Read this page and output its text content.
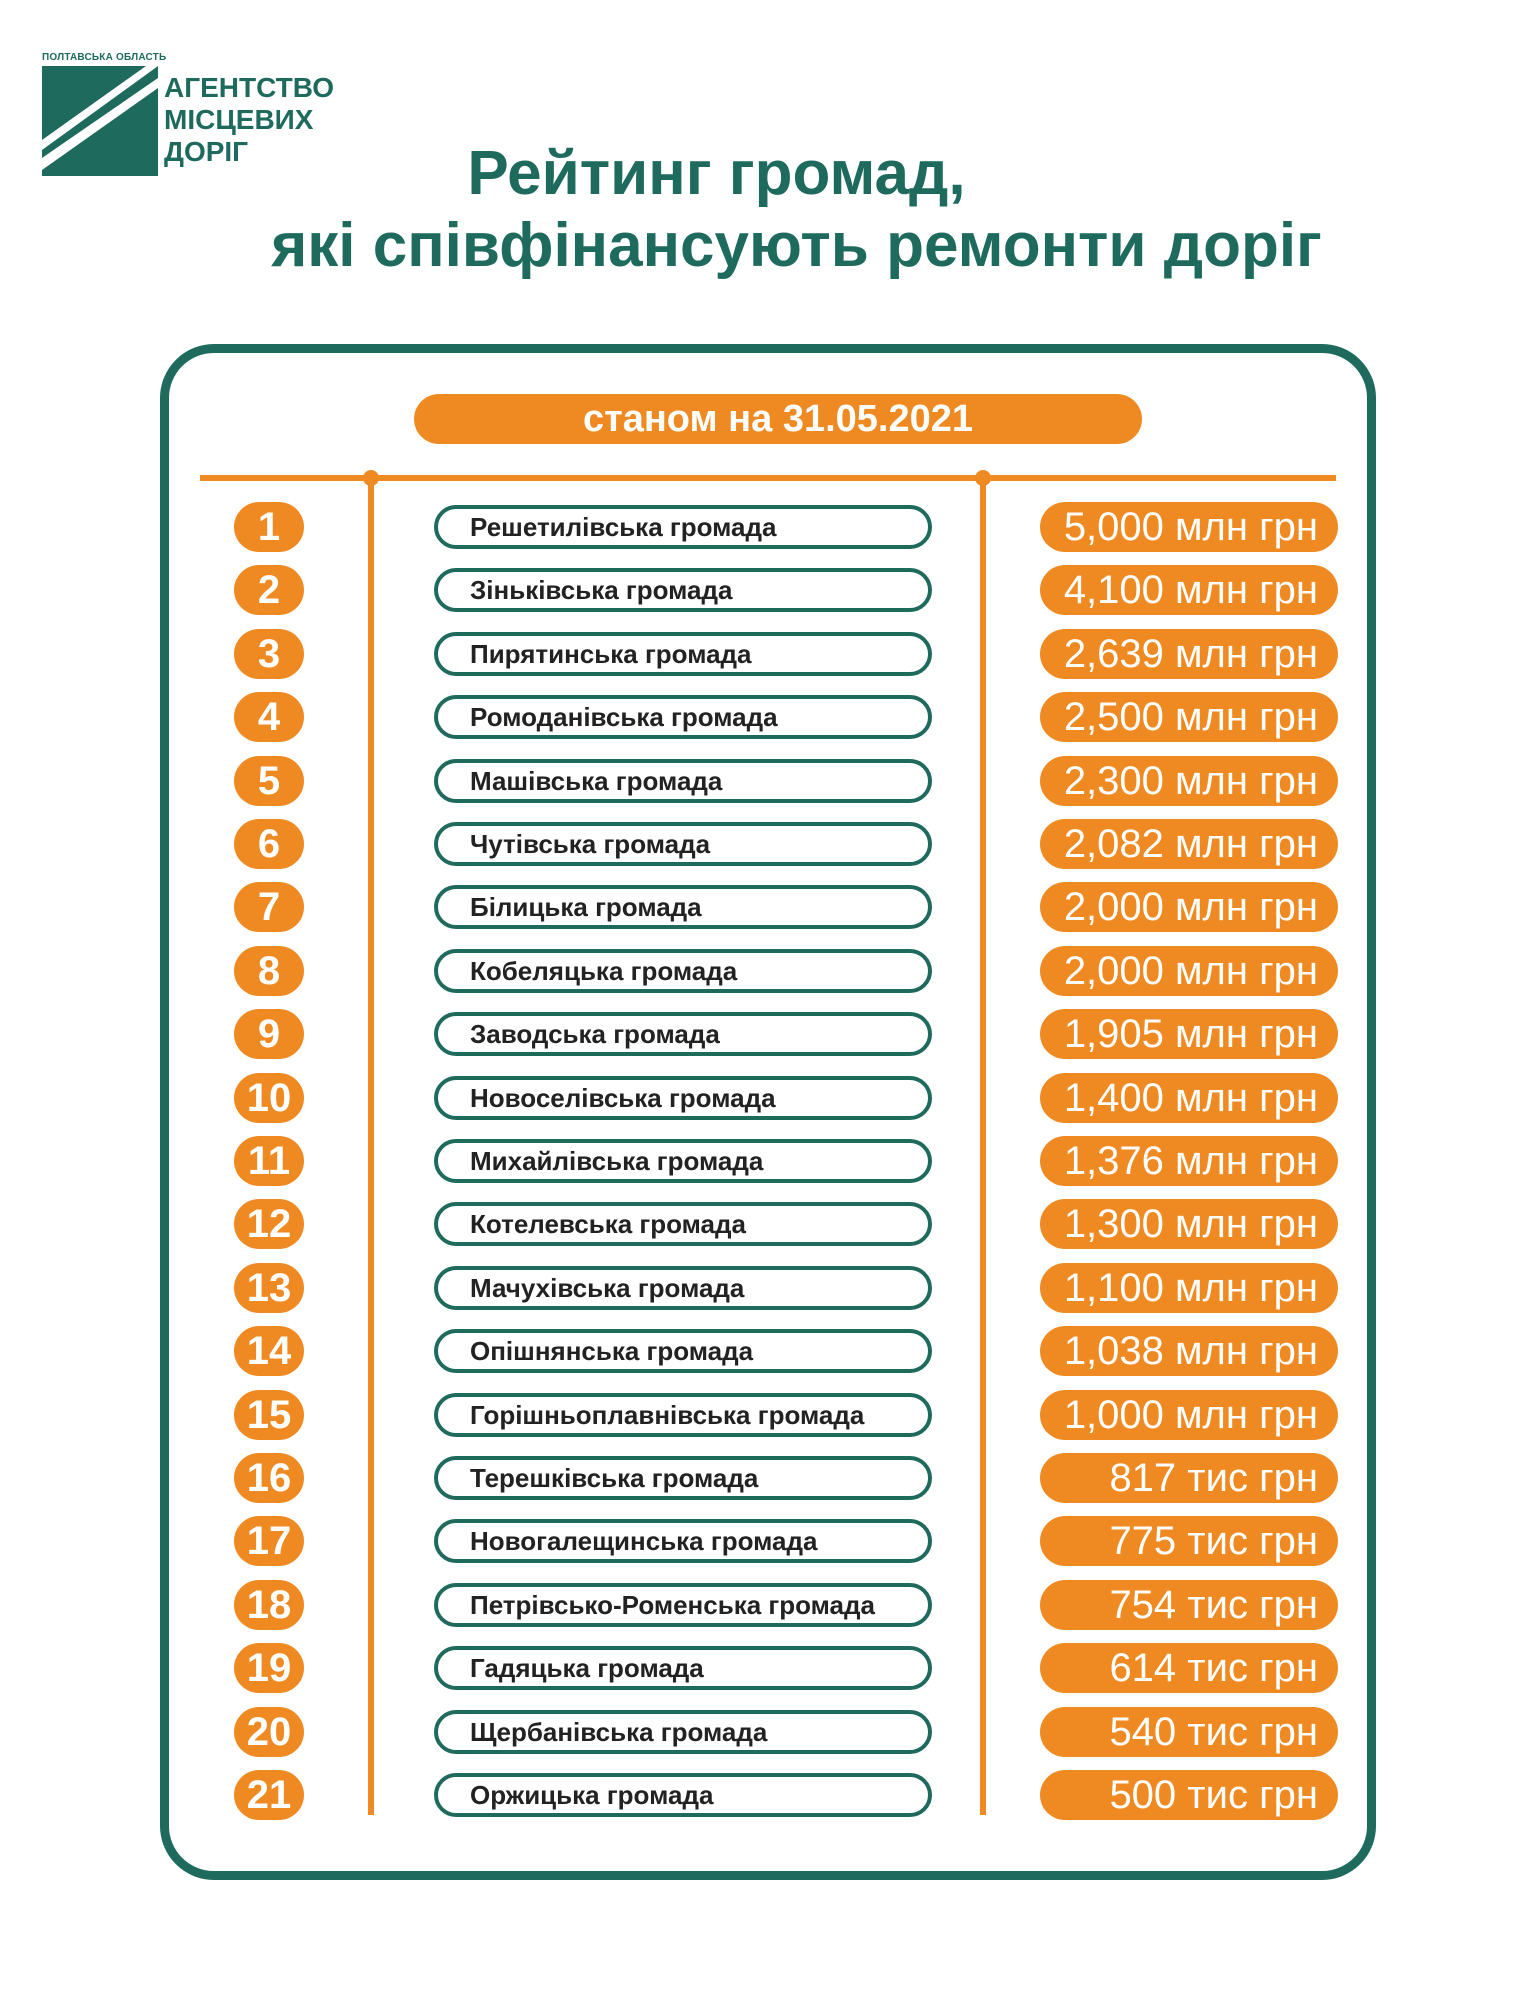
ПОЛТАВСЬКА ОБЛАСТЬ
АГЕНТСТВО
МІСЦЕВИХ
ДОРІГ	Рейтинг громад,
які співфінансують ремонти доріг
станом на 31.05.2021
1	Решетилівська громада	5,000 млн грн
2	Зіньківська громада	4,100 млн грн
3	Пирятинська громада	2,639 млн грн
4	Ромоданівська громада	2,500 млн грн
5	Машівська громада	2,300 млн грн
6	Чутівська громада	2,082 млн грн
7	Білицька громада	2,000 млн грн
8	Кобеляцька громада	2,000 млн грн
9	Заводська громада	1,905 млн грн
10	Новоселівська громада	1,400 млн грн
11	Михайлівська громада	1,376 млн грн
12	Котелевська громада	1,300 млн грн
13	Мачухівська громада	1,100 млн грн
14	Опішнянська громада	1,038 млн грн
15	Горішньоплавнівська громада	1,000 млн грн
16	Терешківська громада	817 тис грн
17	Новогалещинська громада	775 тис грн
18	Петрівсько-Роменська громада	754 тис грн
19	Гадяцька громада	614 тис грн
20	Щербанівська громада	540 тис грн
21	Оржицька громада	500 тис грн
